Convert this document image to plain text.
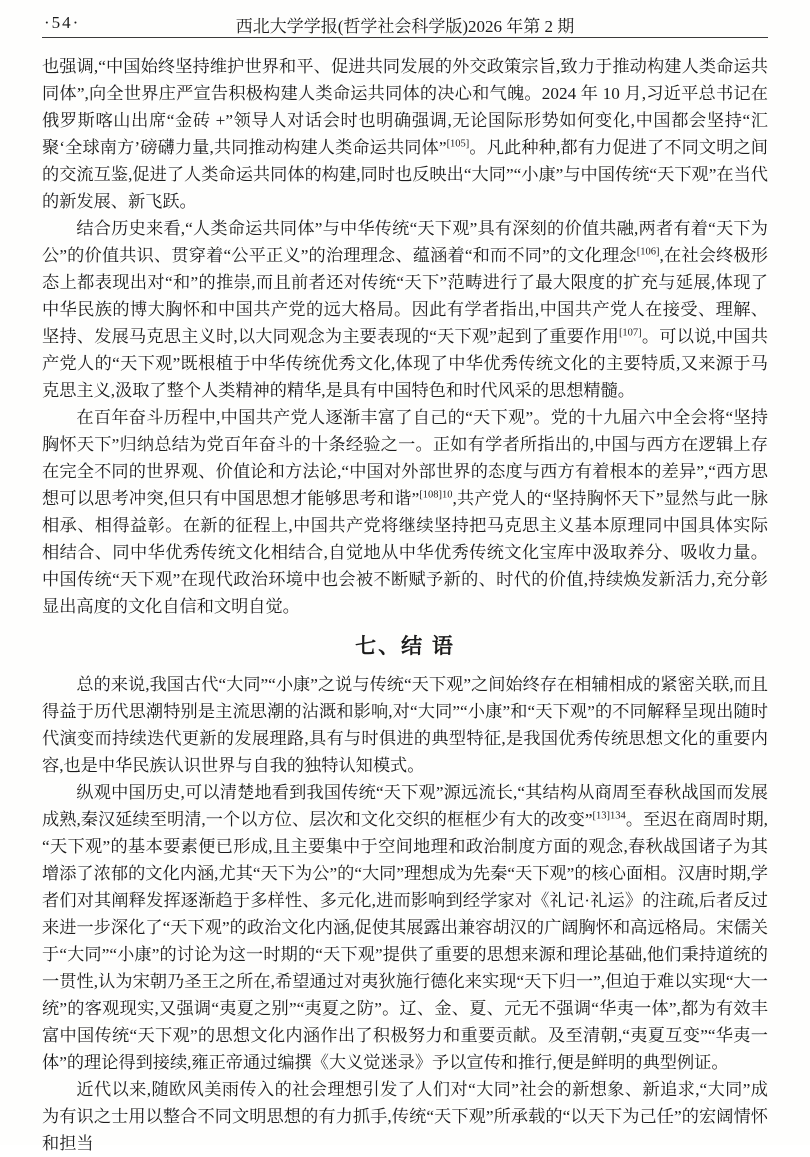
·54·	西北大学学报(哲学社会科学版)2026 年第 2 期

也强调,“中国始终坚持维护世界和平、促进共同发展的外交政策宗旨,致力于推动构建人类命运共同体”,向全世界庄严宣告积极构建人类命运共同体的决心和气魄。2024 年 10 月,习近平总书记在俄罗斯喀山出席“金砖 +”领导人对话会时也明确强调,无论国际形势如何变化,中国都会坚持“汇聚‘全球南方’磅礴力量,共同推动构建人类命运共同体”[105]。凡此种种,都有力促进了不同文明之间的交流互鉴,促进了人类命运共同体的构建,同时也反映出“大同”“小康”与中国传统“天下观”在当代的新发展、新飞跃。

结合历史来看,“人类命运共同体”与中华传统“天下观”具有深刻的价值共融,两者有着“天下为公”的价值共识、贯穿着“公平正义”的治理理念、蕴涵着“和而不同”的文化理念[106],在社会终极形态上都表现出对“和”的推崇,而且前者还对传统“天下”范畴进行了最大限度的扩充与延展,体现了中华民族的博大胸怀和中国共产党的远大格局。因此有学者指出,中国共产党人在接受、理解、坚持、发展马克思主义时,以大同观念为主要表现的“天下观”起到了重要作用[107]。可以说,中国共产党人的“天下观”既根植于中华传统优秀文化,体现了中华优秀传统文化的主要特质,又来源于马克思主义,汲取了整个人类精神的精华,是具有中国特色和时代风采的思想精髓。

在百年奋斗历程中,中国共产党人逐渐丰富了自己的“天下观”。党的十九届六中全会将“坚持胸怀天下”归纳总结为党百年奋斗的十条经验之一。正如有学者所指出的,中国与西方在逻辑上存在完全不同的世界观、价值论和方法论,“中国对外部世界的态度与西方有着根本的差异”,“西方思想可以思考冲突,但只有中国思想才能够思考和谐”$^{[108]10}$,共产党人的“坚持胸怀天下”显然与此一脉相承、相得益彰。在新的征程上,中国共产党将继续坚持把马克思主义基本原理同中国具体实际相结合、同中华优秀传统文化相结合,自觉地从中华优秀传统文化宝库中汲取养分、吸收力量。中国传统“天下观”在现代政治环境中也会被不断赋予新的、时代的价值,持续焕发新活力,充分彰显出高度的文化自信和文明自觉。

七、结 语

总的来说,我国古代“大同”“小康”之说与传统“天下观”之间始终存在相辅相成的紧密关联,而且得益于历代思潮特别是主流思潮的沾溉和影响,对“大同”“小康”和“天下观”的不同解释呈现出随时代演变而持续迭代更新的发展理路,具有与时俱进的典型特征,是我国优秀传统思想文化的重要内容,也是中华民族认识世界与自我的独特认知模式。

纵观中国历史,可以清楚地看到我国传统“天下观”源远流长,“其结构从商周至春秋战国而发展成熟,秦汉延续至明清,一个以方位、层次和文化交织的框框少有大的改变”$^{[13]134}$。至迟在商周时期,“天下观”的基本要素便已形成,且主要集中于空间地理和政治制度方面的观念,春秋战国诸子为其增添了浓郁的文化内涵,尤其“天下为公”的“大同”理想成为先秦“天下观”的核心面相。汉唐时期,学者们对其阐释发挥逐渐趋于多样性、多元化,进而影响到经学家对《礼记·礼运》的注疏,后者反过来进一步深化了“天下观”的政治文化内涵,促使其展露出兼容胡汉的广阔胸怀和高远格局。宋儒关于“大同”“小康”的讨论为这一时期的“天下观”提供了重要的思想来源和理论基础,他们秉持道统的一贯性,认为宋朝乃圣王之所在,希望通过对夷狄施行德化来实现“天下归一”,但迫于难以实现“大一统”的客观现实,又强调“夷夏之别”“夷夏之防”。辽、金、夏、元无不强调“华夷一体”,都为有效丰富中国传统“天下观”的思想文化内涵作出了积极努力和重要贡献。及至清朝,“夷夏互变”“华夷一体”的理论得到接续,雍正帝通过编撰《大义觉迷录》予以宣传和推行,便是鲜明的典型例证。

近代以来,随欧风美雨传入的社会理想引发了人们对“大同”社会的新想象、新追求,“大同”成为有识之士用以整合不同文明思想的有力抓手,传统“天下观”所承载的“以天下为己任”的宏阔情怀和担当
